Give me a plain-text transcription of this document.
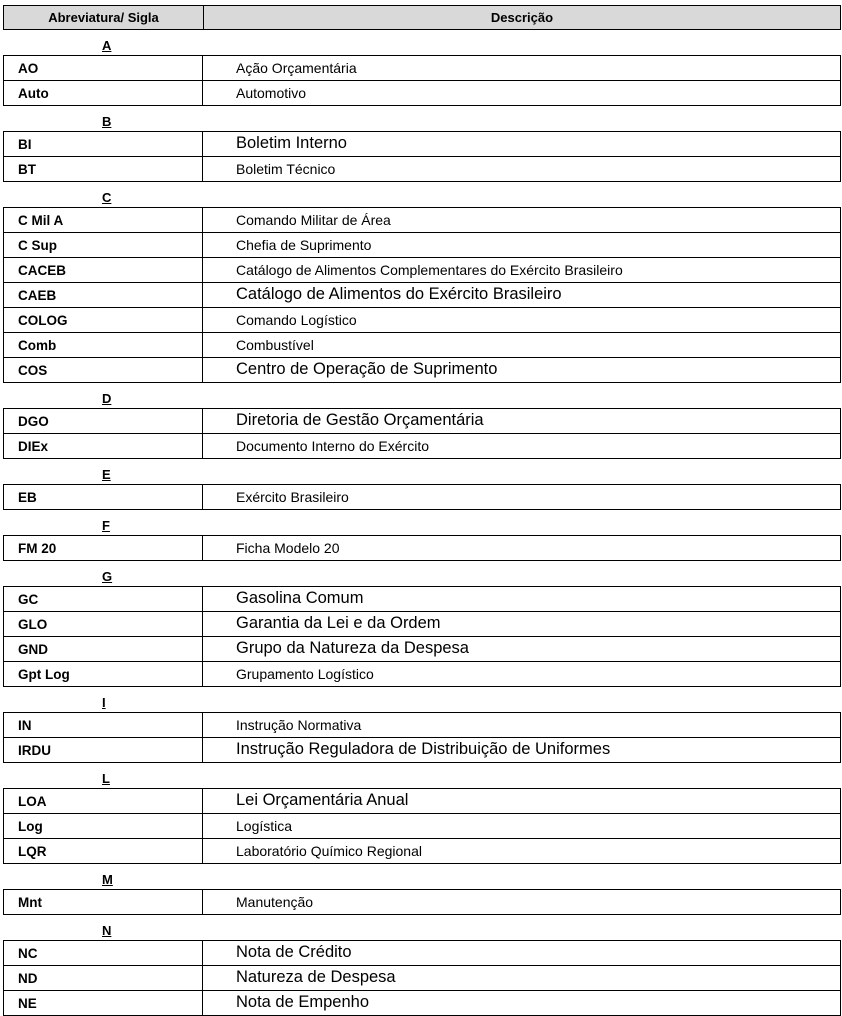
Abreviatura/ Sigla	Descrição
A
AO	Ação Orçamentária
Auto	Automotivo
B
BI	Boletim Interno
BT	Boletim Técnico
C
C Mil A	Comando Militar de Área
C Sup	Chefia de Suprimento
CACEB	Catálogo de Alimentos Complementares do Exército Brasileiro
CAEB	Catálogo de Alimentos do Exército Brasileiro
COLOG	Comando Logístico
Comb	Combustível
COS	Centro de Operação de Suprimento
D
DGO	Diretoria de Gestão Orçamentária
DIEx	Documento Interno do Exército
E
EB	Exército Brasileiro
F
FM 20	Ficha Modelo 20
G
GC	Gasolina Comum
GLO	Garantia da Lei e da Ordem
GND	Grupo da Natureza da Despesa
Gpt Log	Grupamento Logístico
I
IN	Instrução Normativa
IRDU	Instrução Reguladora de Distribuição de Uniformes
L
LOA	Lei Orçamentária Anual
Log	Logística
LQR	Laboratório Químico Regional
M
Mnt	Manutenção
N
NC	Nota de Crédito
ND	Natureza de Despesa
NE	Nota de Empenho
